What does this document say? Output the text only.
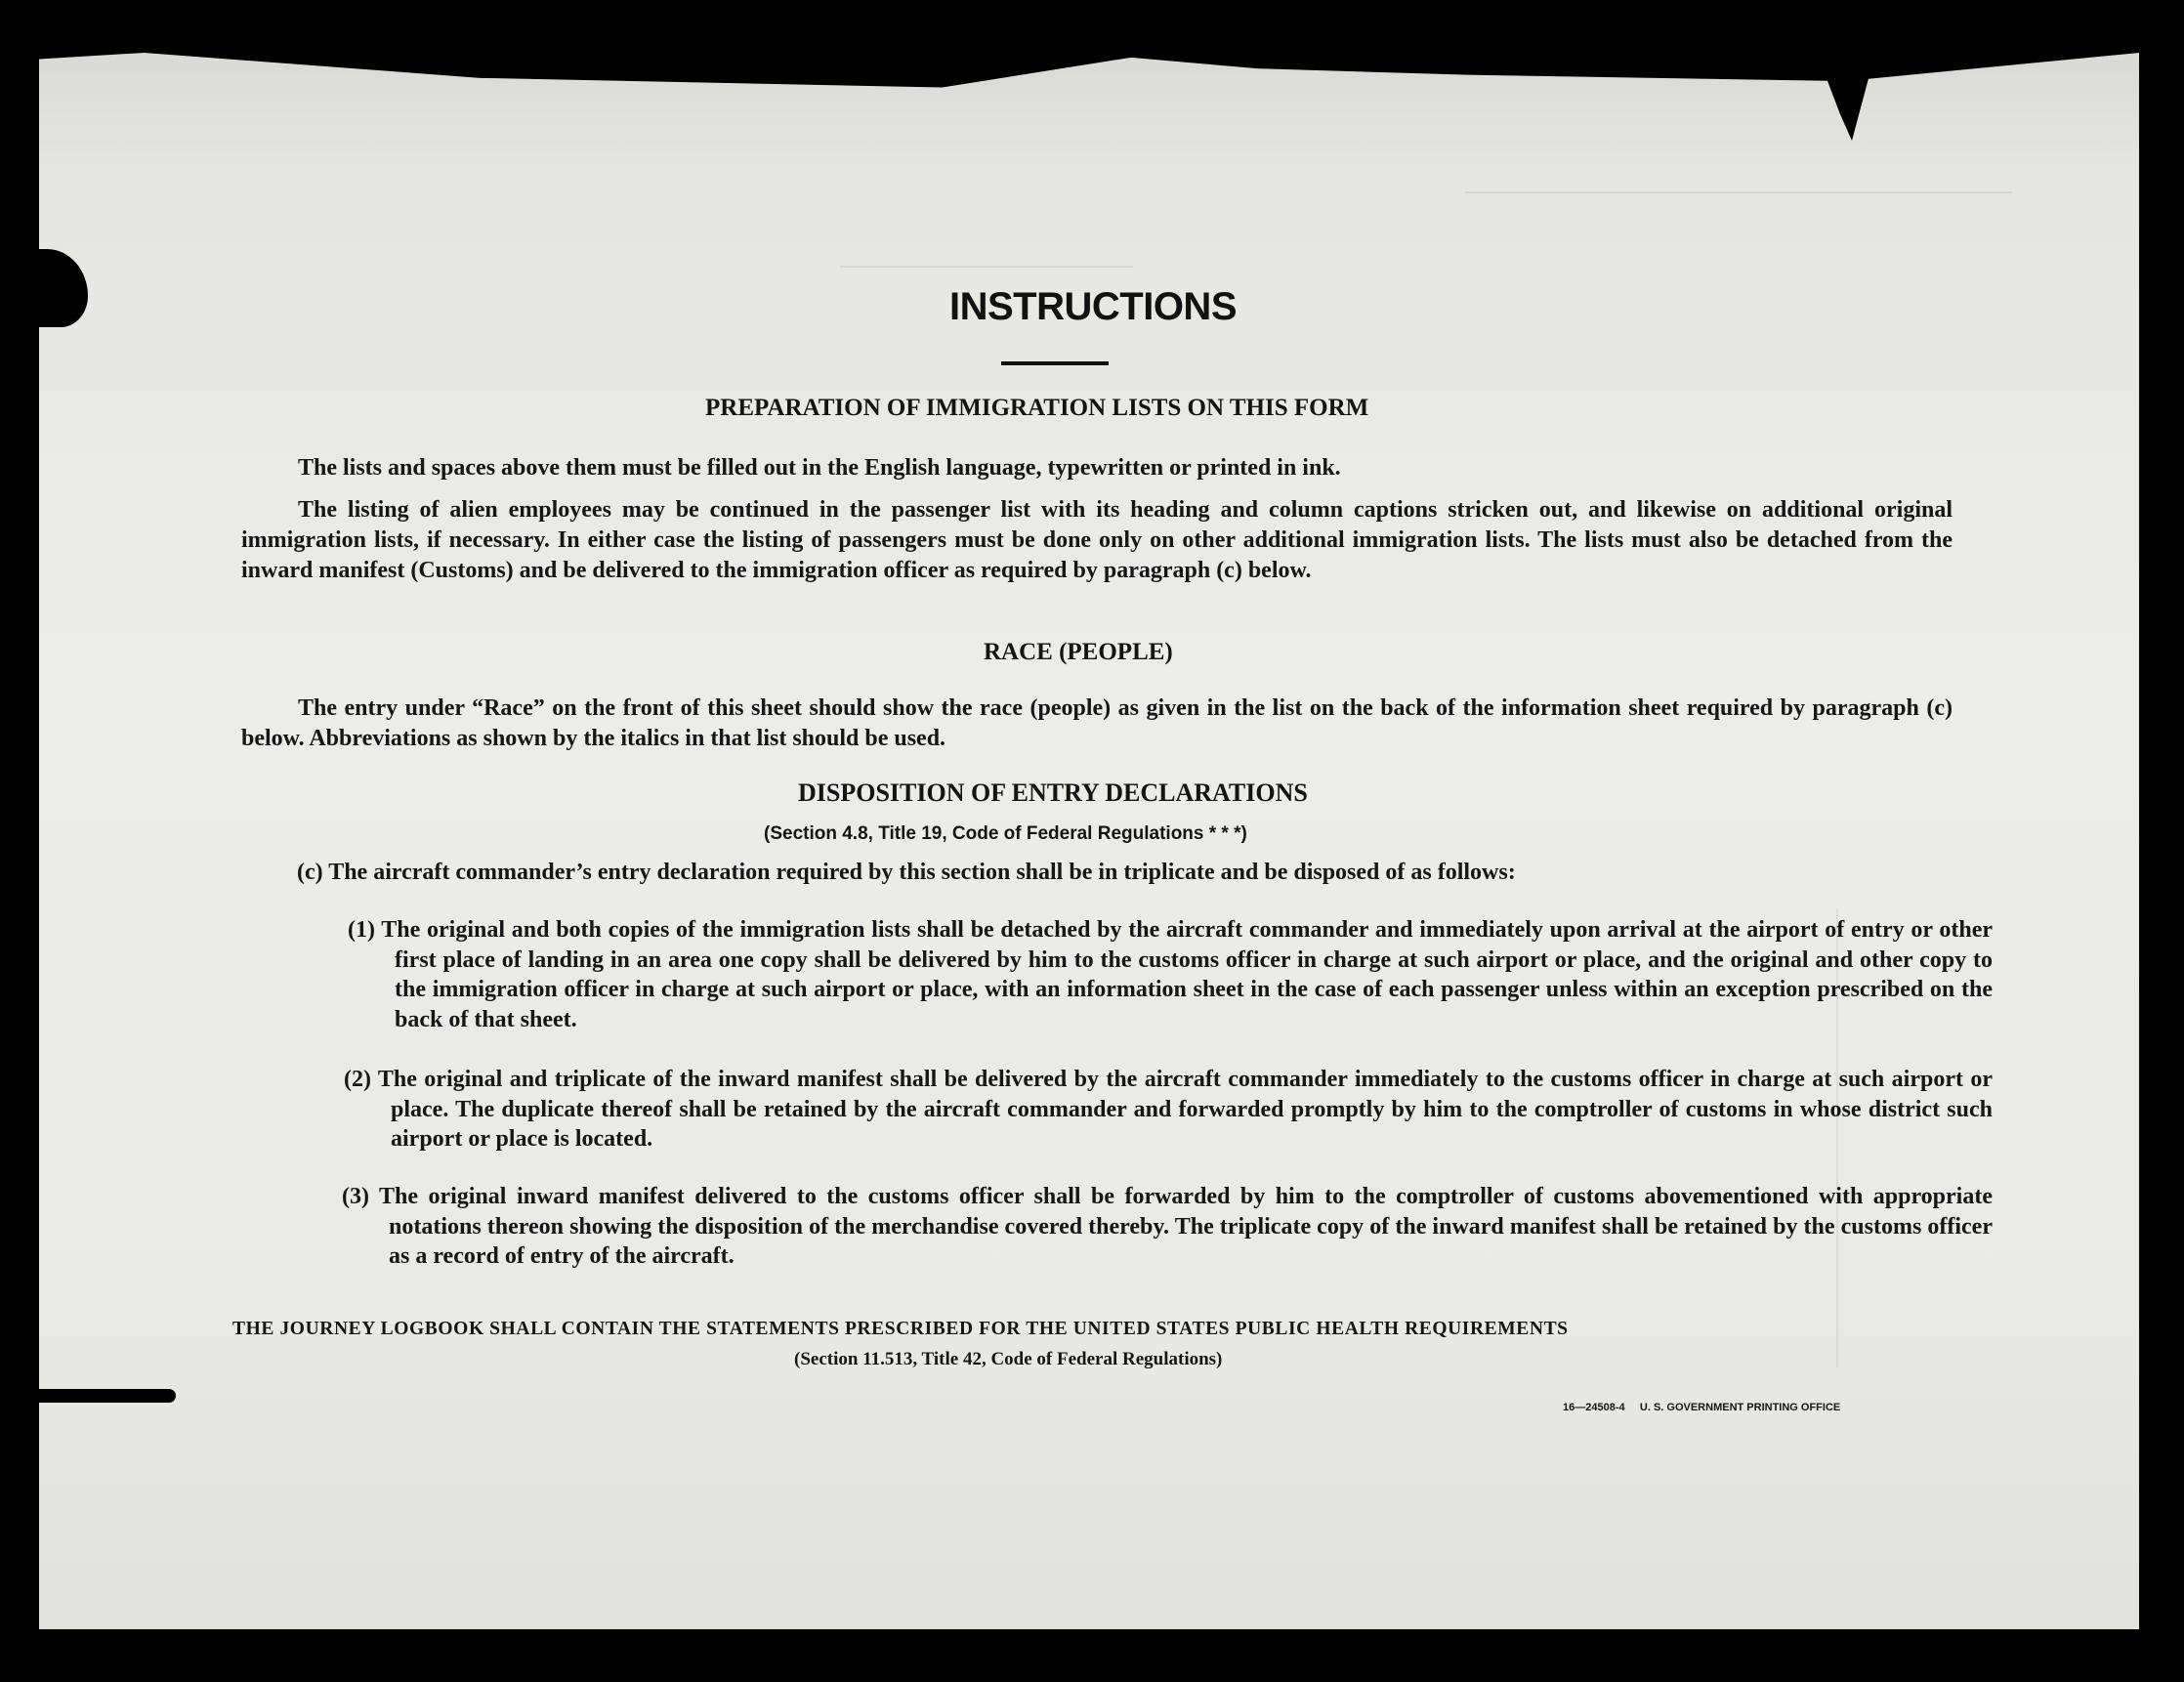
INSTRUCTIONS
PREPARATION OF IMMIGRATION LISTS ON THIS FORM
The lists and spaces above them must be filled out in the English language, typewritten or printed in ink.
The listing of alien employees may be continued in the passenger list with its heading and column captions stricken out, and likewise on additional original immigration lists, if necessary. In either case the listing of passengers must be done only on other additional immigration lists. The lists must also be detached from the inward manifest (Customs) and be delivered to the immigration officer as required by paragraph (c) below.
RACE (PEOPLE)
The entry under “Race” on the front of this sheet should show the race (people) as given in the list on the back of the information sheet required by paragraph (c) below. Abbreviations as shown by the italics in that list should be used.
DISPOSITION OF ENTRY DECLARATIONS
(Section 4.8, Title 19, Code of Federal Regulations * * *)
(c) The aircraft commander’s entry declaration required by this section shall be in triplicate and be disposed of as follows:
(1) The original and both copies of the immigration lists shall be detached by the aircraft commander and immediately upon arrival at the airport of entry or other first place of landing in an area one copy shall be delivered by him to the customs officer in charge at such airport or place, and the original and other copy to the immigration officer in charge at such airport or place, with an information sheet in the case of each passenger unless within an exception prescribed on the back of that sheet.
(2) The original and triplicate of the inward manifest shall be delivered by the aircraft commander immediately to the customs officer in charge at such airport or place. The duplicate thereof shall be retained by the aircraft commander and forwarded promptly by him to the comptroller of customs in whose district such airport or place is located.
(3) The original inward manifest delivered to the customs officer shall be forwarded by him to the comptroller of customs abovementioned with appropriate notations thereon showing the disposition of the merchandise covered thereby. The triplicate copy of the inward manifest shall be retained by the customs officer as a record of entry of the aircraft.
THE JOURNEY LOGBOOK SHALL CONTAIN THE STATEMENTS PRESCRIBED FOR THE UNITED STATES PUBLIC HEALTH REQUIREMENTS
(Section 11.513, Title 42, Code of Federal Regulations)
16—24508-4     U. S. GOVERNMENT PRINTING OFFICE
